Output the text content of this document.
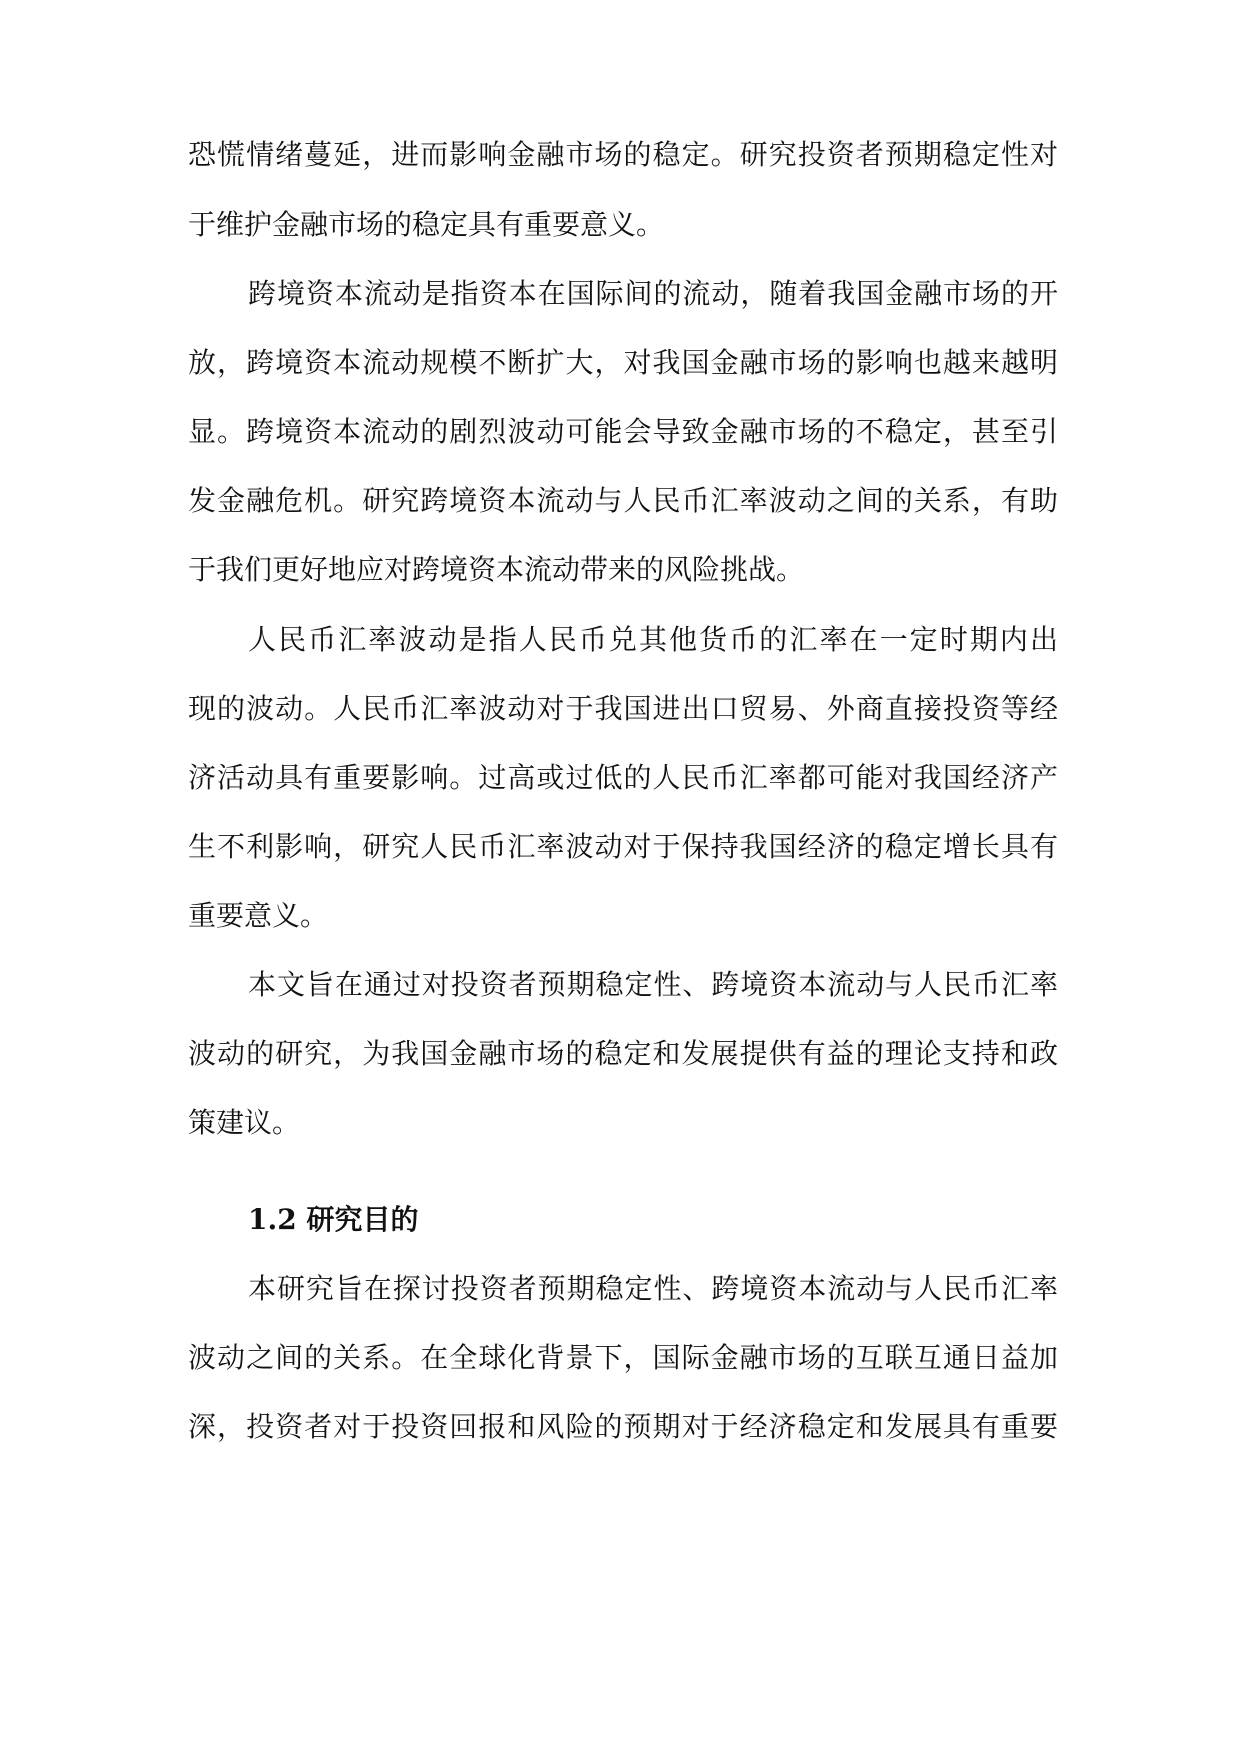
恐慌情绪蔓延，进而影响金融市场的稳定。研究投资者预期稳定性对
于维护金融市场的稳定具有重要意义。
跨境资本流动是指资本在国际间的流动，随着我国金融市场的开
放，跨境资本流动规模不断扩大，对我国金融市场的影响也越来越明
显。跨境资本流动的剧烈波动可能会导致金融市场的不稳定，甚至引
发金融危机。研究跨境资本流动与人民币汇率波动之间的关系，有助
于我们更好地应对跨境资本流动带来的风险挑战。
人民币汇率波动是指人民币兑其他货币的汇率在一定时期内出
现的波动。人民币汇率波动对于我国进出口贸易、外商直接投资等经
济活动具有重要影响。过高或过低的人民币汇率都可能对我国经济产
生不利影响，研究人民币汇率波动对于保持我国经济的稳定增长具有
重要意义。
本文旨在通过对投资者预期稳定性、跨境资本流动与人民币汇率
波动的研究，为我国金融市场的稳定和发展提供有益的理论支持和政
策建议。
1.2 研究目的
本研究旨在探讨投资者预期稳定性、跨境资本流动与人民币汇率
波动之间的关系。在全球化背景下，国际金融市场的互联互通日益加
深，投资者对于投资回报和风险的预期对于经济稳定和发展具有重要
